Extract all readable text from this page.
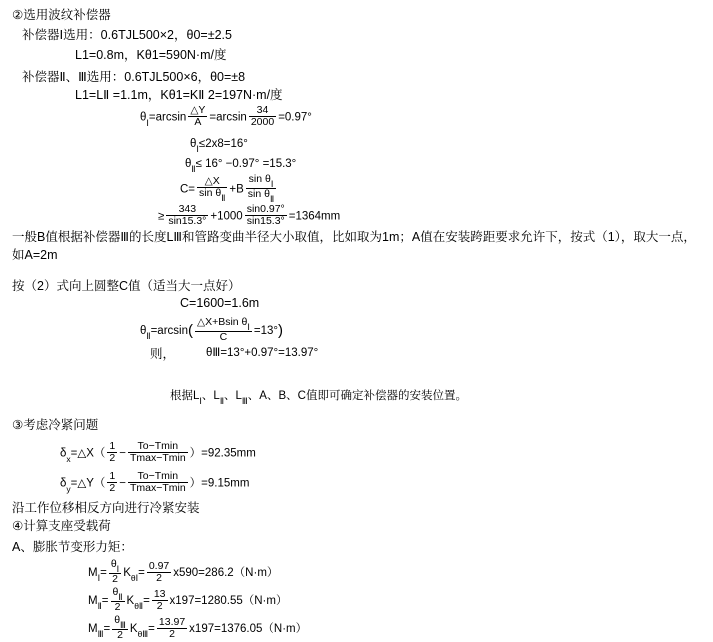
②选用波纹补偿器
补偿器Ⅰ选用：0.6TJL500×2，θ0=±2.5
L1=0.8m，Kθ1=590N·m/度
补偿器Ⅱ、Ⅲ选用：0.6TJL500×6，θ0=±8
L1=LⅡ =1.1m，Kθ1=KⅡ 2=197N·m/度
$\theta_Ⅰ=\arcsin \frac{\triangle Y}{A} =\arcsin \frac{34}{2000} =0.97^\circ$
$\theta_Ⅰ\le 2x8=16^\circ$
$\theta_Ⅱ\le 16^\circ -0.97^\circ =15.3^\circ$
$C= \frac{\triangle X}{\sin \theta_Ⅱ} +B \frac{\sin \theta_Ⅰ}{\sin \theta_Ⅱ}$
≥ $\frac{343}{\sin 15.3^\circ} +1000 \frac{\sin 0.97^\circ}{\sin 15.3^\circ} =1364mm$
一般B值根据补偿器Ⅲ的长度LⅢ和管路变曲半径大小取值，比如取为1m；A值在安装跨距要求允许下，按式（1），取大一点，如A=2m
按（2）式向上圆整C值（适当大一点好）
C=1600=1.6m
$\theta_Ⅱ=\arcsin( \frac{\triangle X+Bsin \theta_Ⅰ}{C} =13^\circ)$
则，	θⅢ=13°+0.97°=13.97°
根据$L_Ⅰ$、$L_Ⅱ$、$L_Ⅲ$、A、B、C值即可确定补偿器的安装位置。
③考虑冷紧问题
$\delta_x=\triangle X( \frac{1}{2} - \frac{To-Tmin}{Tmax-Tmin} )=92.35mm$
$\delta_y=\triangle Y( \frac{1}{2} - \frac{To-Tmin}{Tmax-Tmin} )=9.15mm$
沿工作位移相反方向进行冷紧安装
④计算支座受载荷
A、膨胀节变形力矩：
$M_Ⅰ= \frac{\theta_Ⅰ}{2} K_{\theta Ⅰ}= \frac{0.97}{2} x590=286.2(N\cdot m)$
$M_Ⅱ= \frac{\theta_Ⅱ}{2} K_{\theta Ⅱ}= \frac{13}{2} x197=1280.55(N\cdot m)$
$M_Ⅲ= \frac{\theta_Ⅲ}{2} K_{\theta Ⅲ}= \frac{13.97}{2} x197=1376.05(N\cdot m)$
